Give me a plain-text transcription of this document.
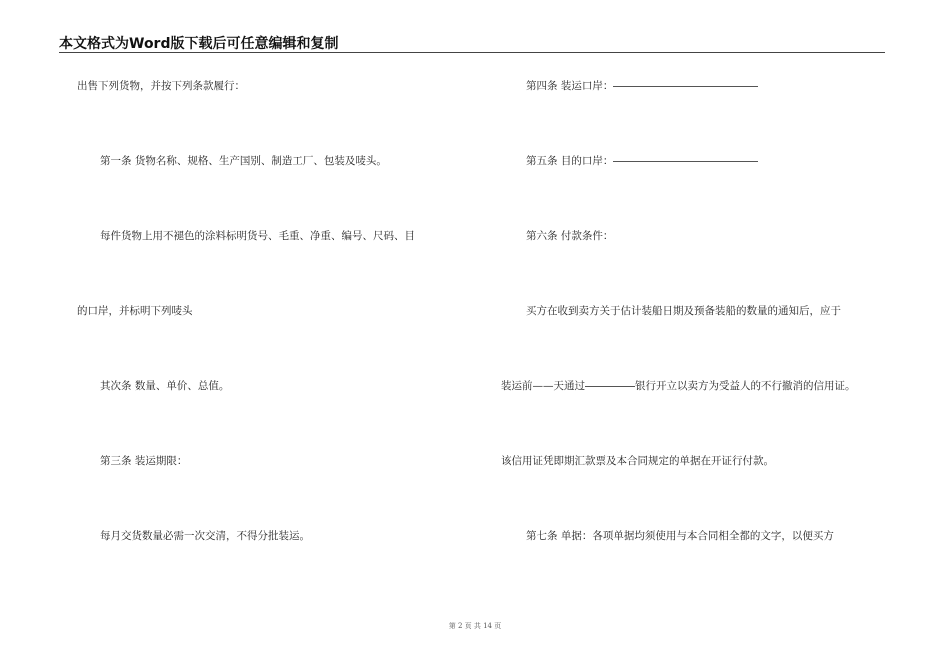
本文格式为Word版下载后可任意编辑和复制
出售下列货物，并按下列条款履行：
第一条 货物名称、规格、生产国别、制造工厂、包装及唛头。
每件货物上用不褪色的涂料标明货号、毛重、净重、编号、尺码、目
的口岸，并标明下列唛头
其次条 数量、单价、总值。
第三条 装运期限：
每月交货数量必需一次交清，不得分批装运。
第四条 装运口岸：
第五条 目的口岸：
第六条 付款条件：
买方在收到卖方关于估计装船日期及预备装船的数量的通知后，应于
装运前——天通过	银行开立以卖方为受益人的不行撤消的信用证。
该信用证凭即期汇款票及本合同规定的单据在开证行付款。
第七条 单据：各项单据均须使用与本合同相全都的文字，以便买方
第 2 页 共 14 页
